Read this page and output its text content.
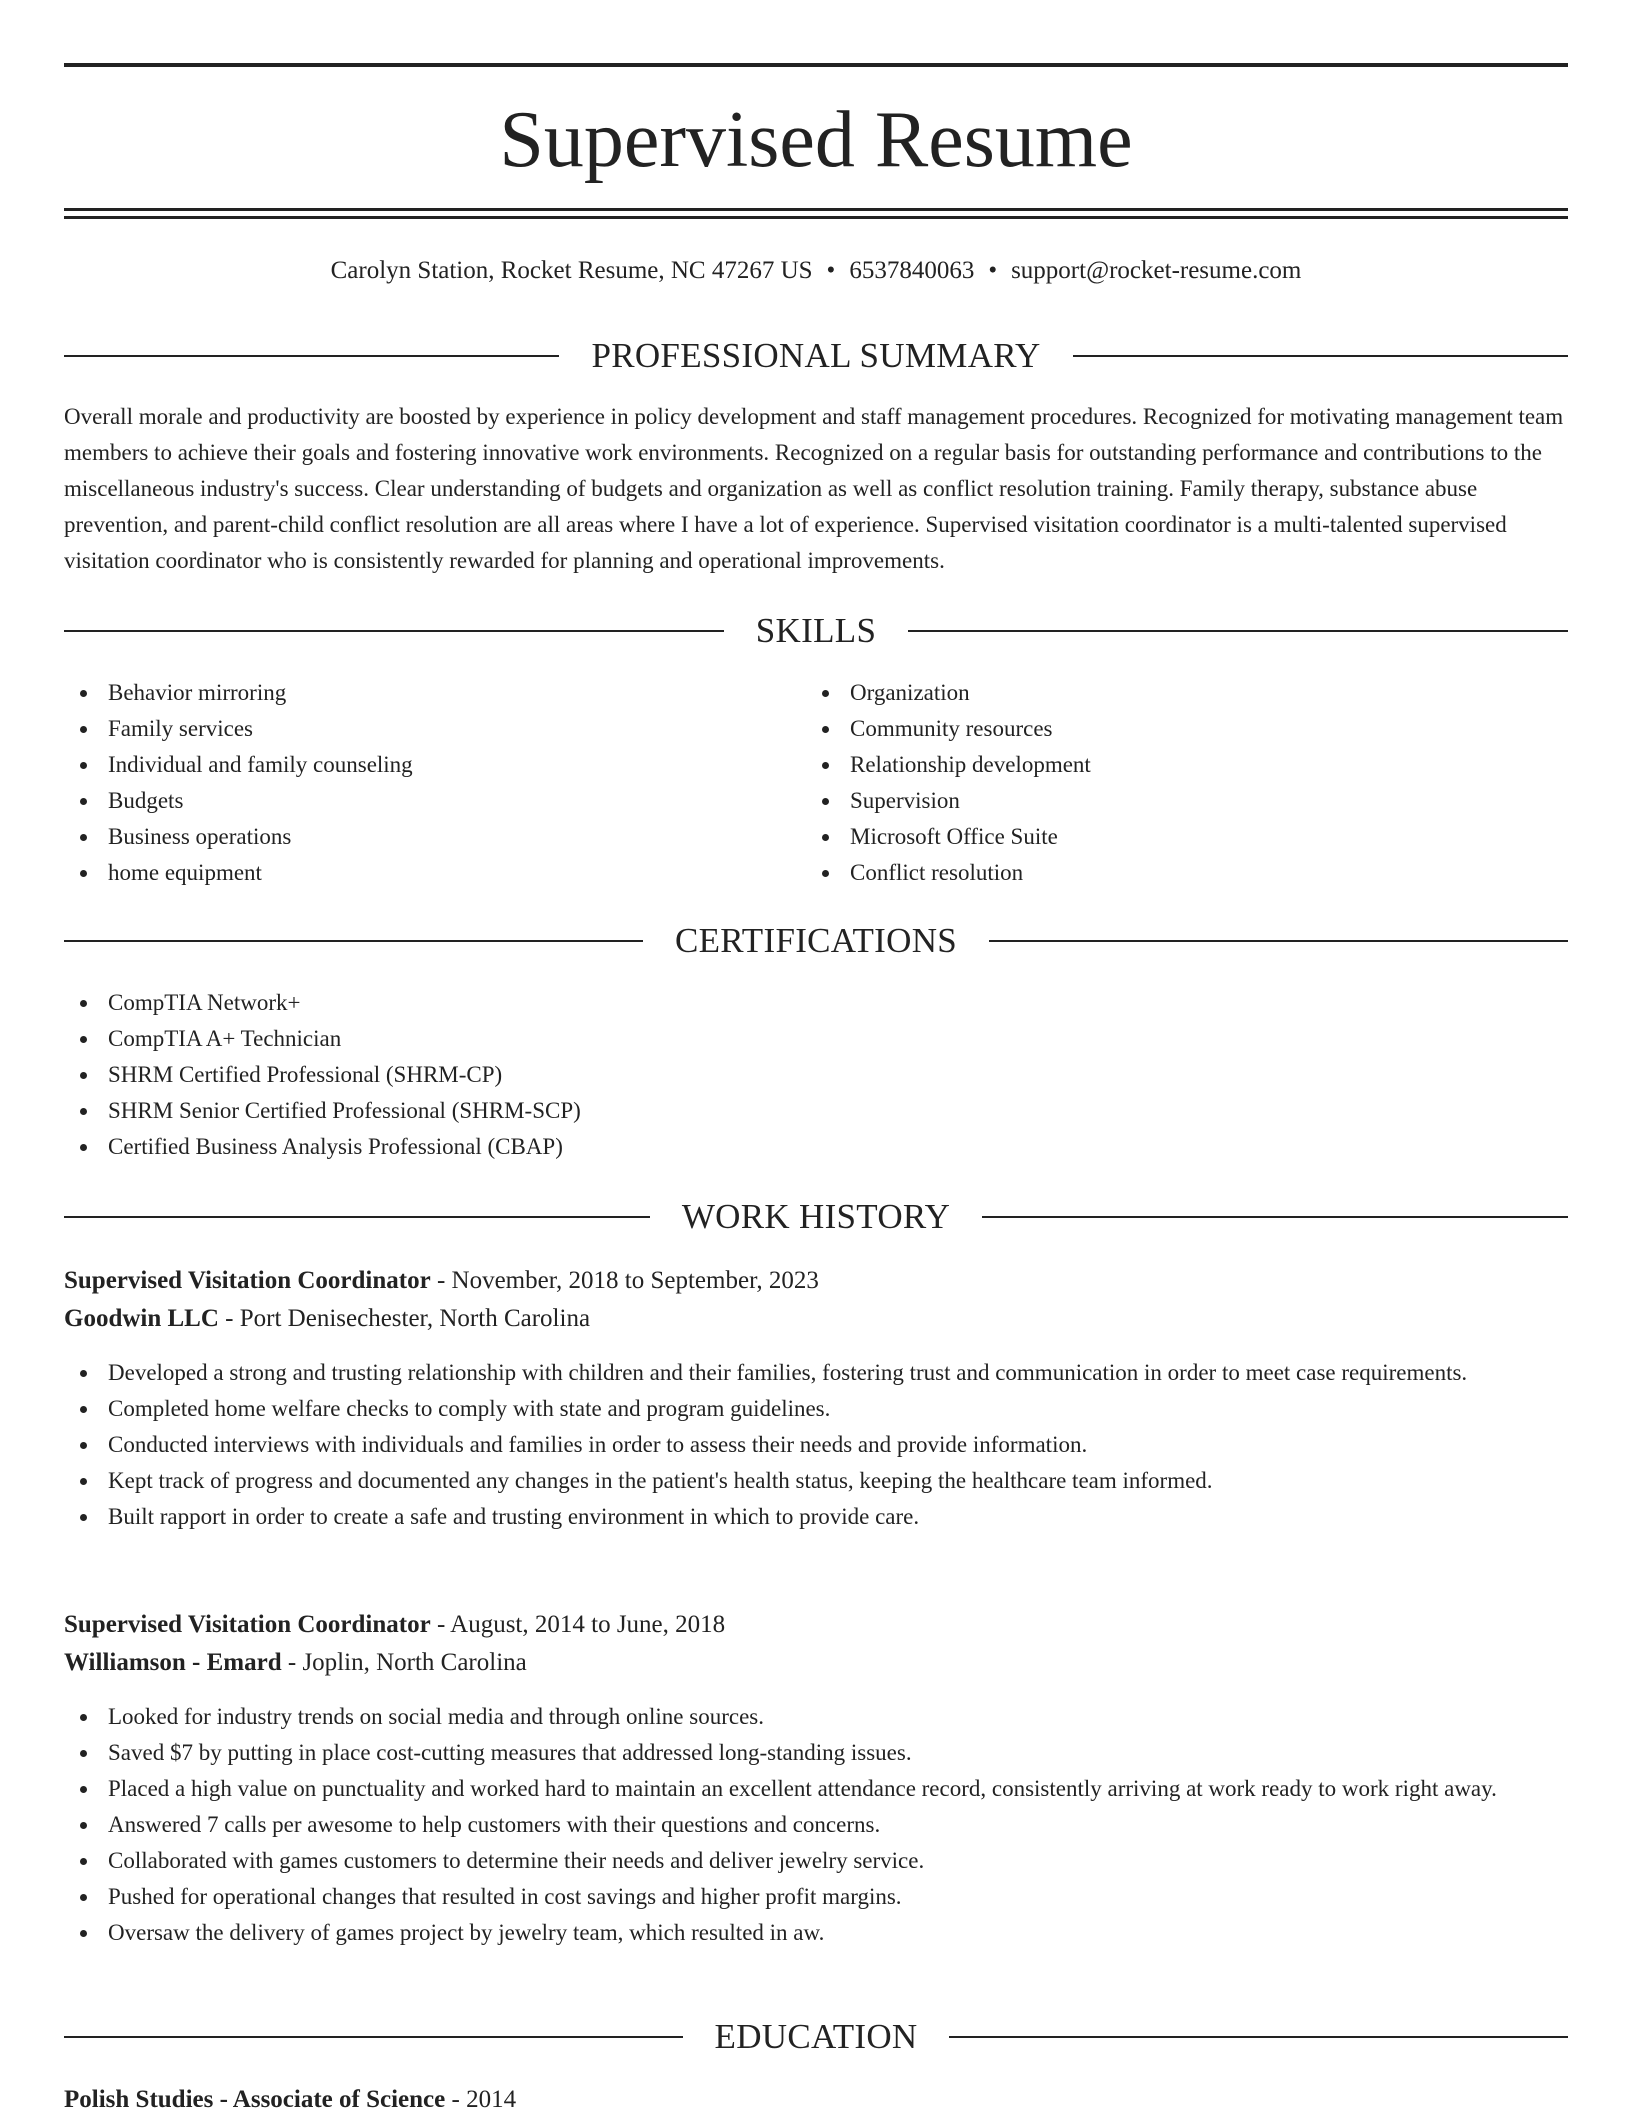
Supervised Resume
Carolyn Station, Rocket Resume, NC 47267 US • 6537840063 • support@rocket-resume.com
PROFESSIONAL SUMMARY

Overall morale and productivity are boosted by experience in policy development and staff management procedures. Recognized for motivating management team members to achieve their goals and fostering innovative work environments. Recognized on a regular basis for outstanding performance and contributions to the miscellaneous industry's success. Clear understanding of budgets and organization as well as conflict resolution training. Family therapy, substance abuse prevention, and parent-child conflict resolution are all areas where I have a lot of experience. Supervised visitation coordinator is a multi-talented supervised visitation coordinator who is consistently rewarded for planning and operational improvements.

SKILLS
Behavior mirroring
Family services
Individual and family counseling
Budgets
Business operations
home equipment
Organization
Community resources
Relationship development
Supervision
Microsoft Office Suite
Conflict resolution
CERTIFICATIONS
CompTIA Network+
CompTIA A+ Technician
SHRM Certified Professional (SHRM-CP)
SHRM Senior Certified Professional (SHRM-SCP)
Certified Business Analysis Professional (CBAP)
WORK HISTORY
Supervised Visitation Coordinator - November, 2018 to September, 2023
Goodwin LLC - Port Denisechester, North Carolina
Developed a strong and trusting relationship with children and their families, fostering trust and communication in order to meet case requirements.
Completed home welfare checks to comply with state and program guidelines.
Conducted interviews with individuals and families in order to assess their needs and provide information.
Kept track of progress and documented any changes in the patient's health status, keeping the healthcare team informed.
Built rapport in order to create a safe and trusting environment in which to provide care.
Supervised Visitation Coordinator - August, 2014 to June, 2018
Williamson - Emard - Joplin, North Carolina
Looked for industry trends on social media and through online sources.
Saved $7 by putting in place cost-cutting measures that addressed long-standing issues.
Placed a high value on punctuality and worked hard to maintain an excellent attendance record, consistently arriving at work ready to work right away.
Answered 7 calls per awesome to help customers with their questions and concerns.
Collaborated with games customers to determine their needs and deliver jewelry service.
Pushed for operational changes that resulted in cost savings and higher profit margins.
Oversaw the delivery of games project by jewelry team, which resulted in aw.
EDUCATION
Polish Studies - Associate of Science - 2014
